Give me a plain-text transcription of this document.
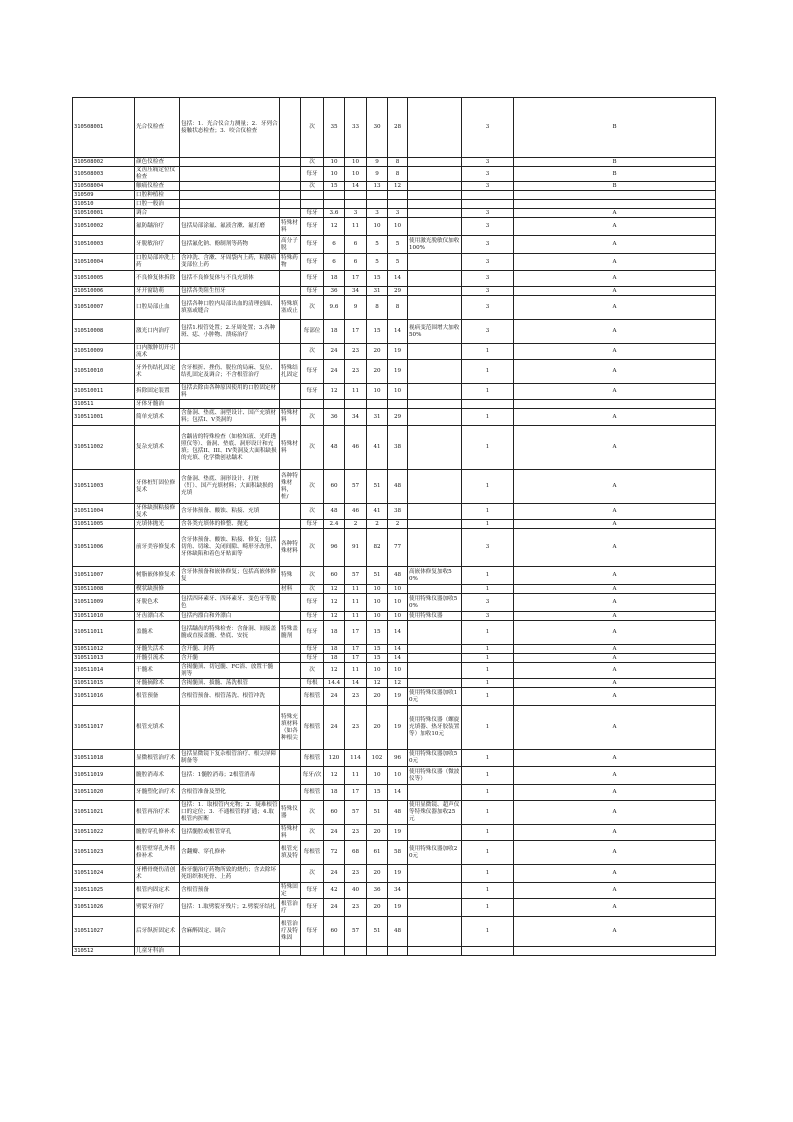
310508001	光合仪检查	包括：1．光合仪合力测量；2．牙列合接触状态检查；3．咬合仪检查		次	35	33	30	28		3	B
310508002	颜色仪检查			次	10	10	9	8		3	B
310508003	叉齿压痛定位仪检查			每牙	10	10	9	8		3	B
310508004	触痛仪检查			次	15	14	13	12		3	B
310509	口腔种植检										
310510	口腔一般治										
310510001	调合			每牙	3.6	3	3	3		3	A
310510002	氟防龋治疗	包括局部涂氟、氟液含漱、氟打磨	特殊材料	每牙	12	11	10	10		3	A
310510003	牙脱敏治疗	包括氟化钠、酚制剂等药物	高分子脱	每牙	6	6	5	5	使用激光脱敏仪加收100%	3	A
310510004	口腔局部冲洗上药	含冲洗、含漱、牙周袋内上药，粘膜病变部位上药	特殊药物	每牙	6	6	5	5		3	A
310510005	不良修复体拆除	包括不良修复体与不良充填体		每牙	18	17	15	14		3	A
310510006	牙开窗助萌	包括各类阻生恒牙		每牙	36	34	31	29		3	A
310510007	口腔局部止血	包括各种口腔内局部出血的清理创面、填塞或缝合	特殊填塞成止	次	9.6	9	8	8		3	A
310510008	激光口内治疗	包括1.根管处置；2.牙周处置；3.各种斑、痣、小肿物、溃疡治疗		每部位	18	17	15	14	视病变范围增大加收50%	3	A
310510009	口内脓肿切开引流术			次	24	23	20	19		1	A
310510010	牙外伤结扎固定术	含牙根折、挫伤、脱位的局麻、复位、结扎固定及调合；不含根管治疗	特殊结扎固定	每牙	24	23	20	19		1	A
310510011	拆除固定装置	包括去除由各种原因使用的口腔固定材料		每牙	12	11	10	10		1	A
310511	牙体牙髓治										
310511001	简单充填术	含备洞、垫底、洞型设计、国产充填材料；包括I、V类洞的	特殊材料	次	36	34	31	29		1	A
310511002	复杂充填术	含龋齿的特殊检查（如检知液、光纤透照仪等）、备洞、垫底、洞形设计和充填；包括II、III、IV类洞及大面积缺损的充填、化学微创祛龋术	特殊材料	次	48	46	41	38		1	A
310511003	牙体桩钉固位修复术	含备洞、垫底、洞形设计、打桩（钉）、国产充填材料；大面积缺损的充填	各种特殊材料，桩/	次	60	57	51	48		1	A
310511004	牙体缺损粘接修复术	含牙体预备、酸蚀、粘接、充填		次	48	46	41	38		1	A
310511005	充填体抛光	含各类充填体的修整、抛光		每牙	2.4	2	2	2		1	A
310511006	前牙美容修复术	含牙体预备、酸蚀、粘接、修复；包括切角、切缘、关闭间隙、畸形牙改形、牙体缺陷和着色牙贴面等	各种特殊材料	次	96	91	82	77		3	A
310511007	树脂嵌体修复术	含牙体预备和嵌体修复；包括高嵌体修复	特殊	次	60	57	51	48	高嵌体修复加收50%	1	A
310511008	楔状缺损修		材料	次	12	11	10	10		1	A
310511009	牙脱色术	包括四环素牙、四环素牙、变色牙等脱色		每牙	12	11	10	10	使用特殊仪器加收50%	3	A
310511010	牙齿漂白术	包括内漂白和外漂白		每牙	12	11	10	10	使用特殊仪器	3	A
310511011	盖髓术	包括龋齿的特殊检查：含备洞、间接盖髓或直接盖髓、垫底、安抚	特殊盖髓剂	每牙	18	17	15	14		1	A
310511012	牙髓失活术	含开髓、封药		每牙	18	17	15	14		1	A
310511013	开髓引流术	含开髓		每牙	18	17	15	14		1	A
310511014	干髓术	含揭髓顶、切冠髓、FC浴、放置干髓剂等		次	12	11	10	10		1	A
310511015	牙髓摘除术	含揭髓顶、拔髓、荡洗根管		每根	14.4	14	12	12		1	A
310511016	根管预备	含根管预备、根管荡洗、根管冲洗		每根管	24	23	20	19	使用特殊仪器加收10元	1	A
310511017	根管充填术		特殊充填材料（如各种根尖	每根管	24	23	20	19	使用特殊仪器（螺旋充填器、热牙胶装置等）加收10元	1	A
310511018	显微根管治疗术	包括显微镜下复杂根管治疗、根尖屏障制备等		每根管	120	114	102	96	使用特殊仪器加收50元	1	A
310511019	髓腔消毒术	包括：1髓腔消毒；2根管消毒		每牙/次	12	11	10	10	使用特殊仪器（微波仪等）	1	A
310511020	牙髓塑化治疗术	含根管准备及塑化		每根管	18	17	15	14		1	A
310511021	根管再治疗术	包括：1．取根管内充物；2．疑难根管口的定位；3．不通根管的扩通；4.取根管内折断	特殊仪器	次	60	57	51	48	使用显微镜、超声仪等特殊仪器加收25元	1	A
310511022	髓腔穿孔修补术	包括髓腔或根管穿孔	特殊材料	次	24	23	20	19		1	A
310511023	根管壁穿孔外科修补术	含翻瓣、穿孔修补	根管充填及特	每根管	72	68	61	58	使用特殊仪器加收20元	1	A
310511024	牙槽骨烧伤清创术	指牙髓治疗药物所致的烧伤；含去除坏死组织和死骨、上药		次	24	23	20	19		1	A
310511025	根管内固定术	含根管预备	特殊固定	每牙	42	40	36	34		1	A
310511026	劈裂牙治疗	包括：1.取劈裂牙残片；2.劈裂牙结扎	根管治疗	每牙	24	23	20	19		1	A
310511027	后牙纵折固定术	含麻醉固定、调合	根管治疗及特殊固	每牙	60	57	51	48		1	A
310512	儿童牙科治										
